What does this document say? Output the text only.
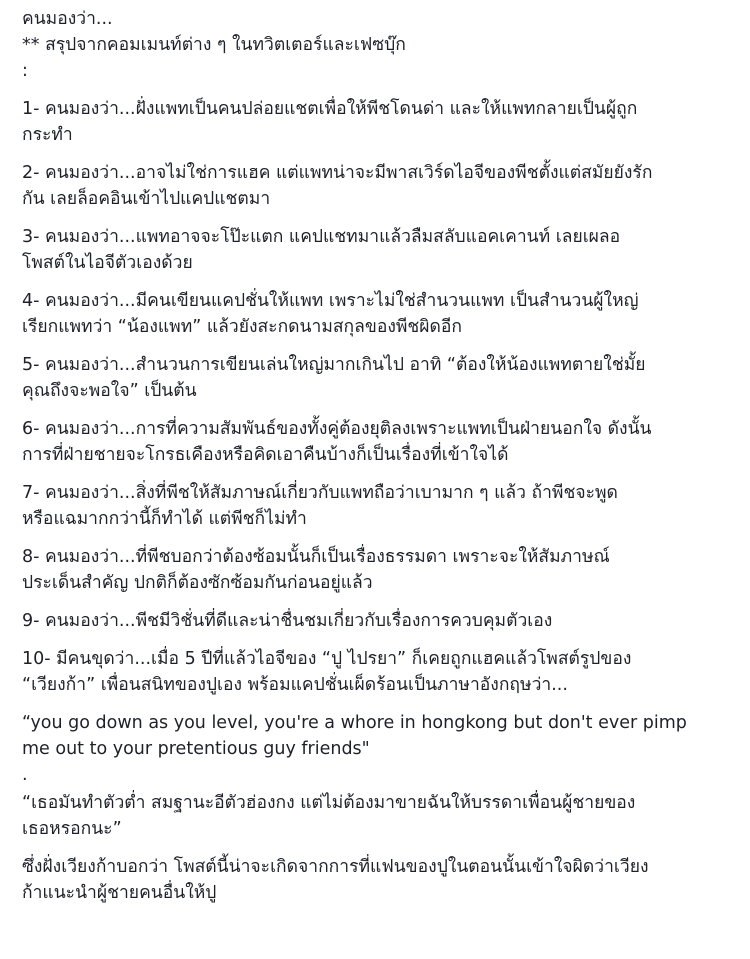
คนมองว่า...
** สรุปจากคอมเมนท์ต่าง ๆ ในทวิตเตอร์และเฟซบุ๊ก
:
1- คนมองว่า...ฝั่งแพทเป็นคนปล่อยแชตเพื่อให้พีชโดนด่า และให้แพทกลายเป็นผู้ถูก
กระทำ
2- คนมองว่า...อาจไม่ใช่การแฮค แต่แพทน่าจะมีพาสเวิร์ดไอจีของพีชตั้งแต่สมัยยังรัก
กัน เลยล็อคอินเข้าไปแคปแชตมา
3- คนมองว่า...แพทอาจจะโป๊ะแตก แคปแชทมาแล้วลืมสลับแอคเคานท์ เลยเผลอ
โพสต์ในไอจีตัวเองด้วย
4- คนมองว่า...มีคนเขียนแคปชั่นให้แพท เพราะไม่ใช่สำนวนแพท เป็นสำนวนผู้ใหญ่
เรียกแพทว่า “น้องแพท” แล้วยังสะกดนามสกุลของพีชผิดอีก
5- คนมองว่า...สำนวนการเขียนเล่นใหญ่มากเกินไป อาทิ “ต้องให้น้องแพทตายใช่มั้ย
คุณถึงจะพอใจ” เป็นต้น
6- คนมองว่า...การที่ความสัมพันธ์ของทั้งคู่ต้องยุติลงเพราะแพทเป็นฝ่ายนอกใจ ดังนั้น
การที่ฝ่ายชายจะโกรธเคืองหรือคิดเอาคืนบ้างก็เป็นเรื่องที่เข้าใจได้
7- คนมองว่า...สิ่งที่พีชให้สัมภาษณ์เกี่ยวกับแพทถือว่าเบามาก ๆ แล้ว ถ้าพีชจะพูด
หรือแฉมากกว่านี้ก็ทำได้ แต่พีชก็ไม่ทำ
8- คนมองว่า...ที่พีชบอกว่าต้องซ้อมนั้นก็เป็นเรื่องธรรมดา เพราะจะให้สัมภาษณ์
ประเด็นสำคัญ ปกติก็ต้องซักซ้อมกันก่อนอยู่แล้ว
9- คนมองว่า...พีชมีวิชั่นที่ดีและน่าชื่นชมเกี่ยวกับเรื่องการควบคุมตัวเอง
10- มีคนขุดว่า...เมื่อ 5 ปีที่แล้วไอจีของ “ปู ไปรยา” ก็เคยถูกแฮคแล้วโพสต์รูปของ
“เวียงก้า” เพื่อนสนิทของปูเอง พร้อมแคปชั่นเผ็ดร้อนเป็นภาษาอังกฤษว่า...
“you go down as you level, you're a whore in hongkong but don't ever pimp
me out to your pretentious guy friends"
.
“เธอมันทำตัวต่ำ สมฐานะอีตัวฮ่องกง แต่ไม่ต้องมาขายฉันให้บรรดาเพื่อนผู้ชายของ
เธอหรอกนะ”
ซึ่งฝั่งเวียงก้าบอกว่า โพสต์นี้น่าจะเกิดจากการที่แฟนของปูในตอนนั้นเข้าใจผิดว่าเวียง
ก้าแนะนำผู้ชายคนอื่นให้ปู
